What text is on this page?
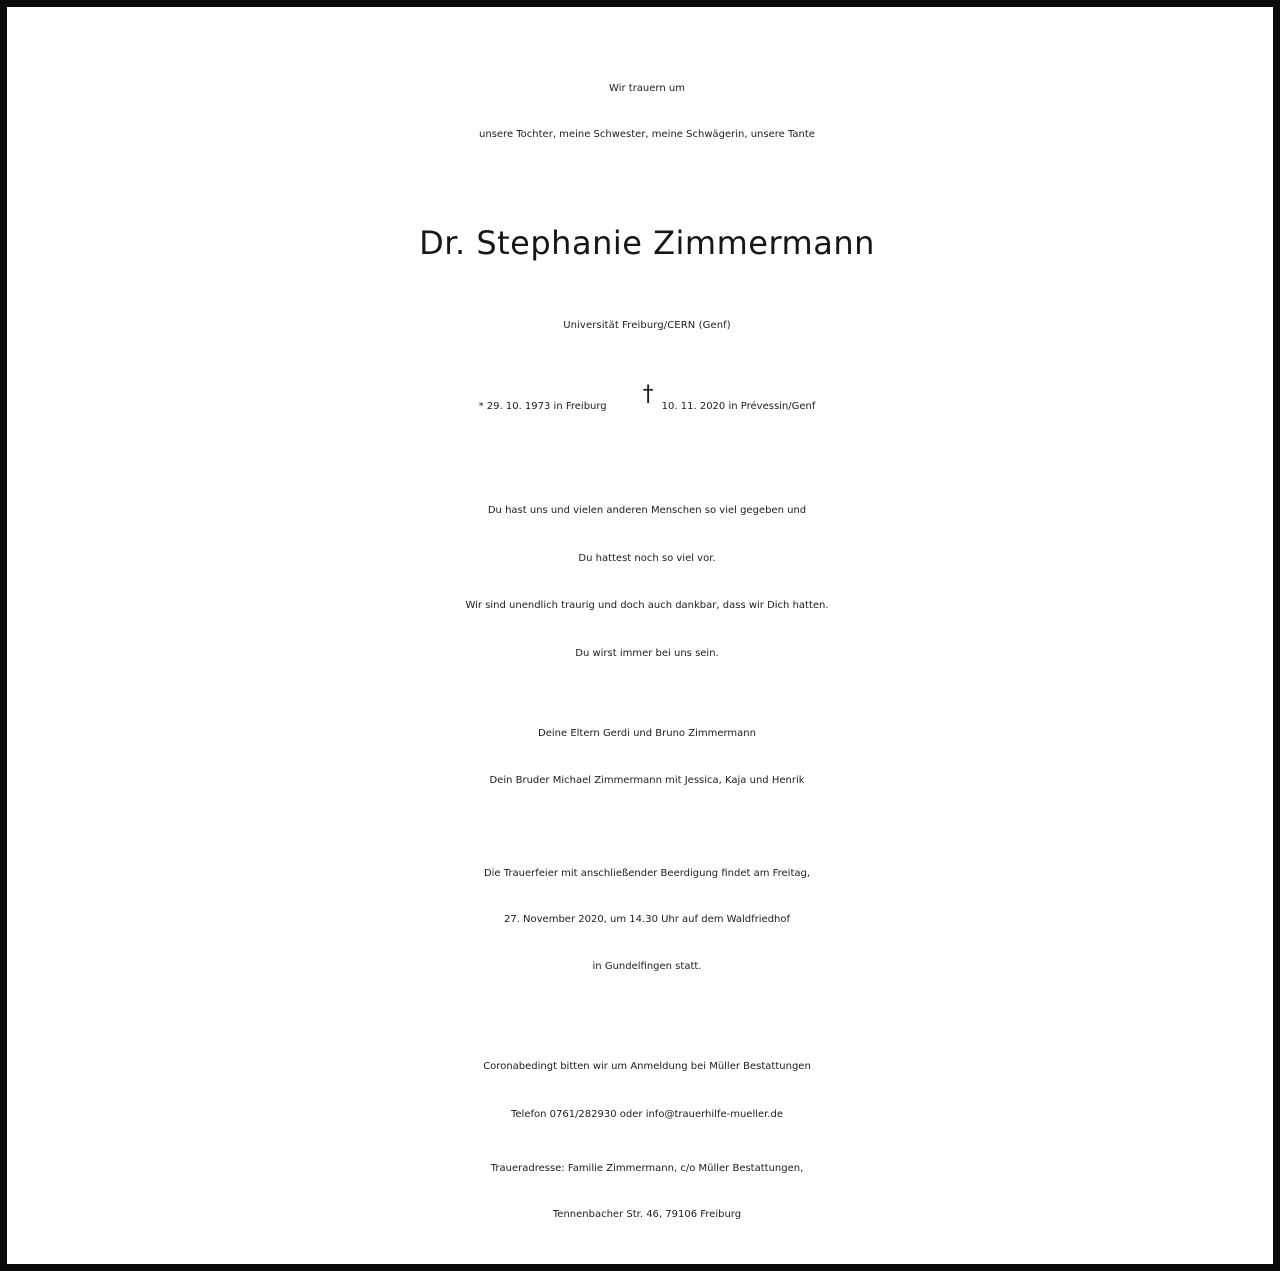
Wir trauern um
unsere Tochter, meine Schwester, meine Schwägerin, unsere Tante
Dr. Stephanie Zimmermann
Universität Freiburg/CERN (Genf)
* 29. 10. 1973 in Freiburg † 10. 11. 2020 in Prévessin/Genf
Du hast uns und vielen anderen Menschen so viel gegeben und
Du hattest noch so viel vor.
Wir sind unendlich traurig und doch auch dankbar, dass wir Dich hatten.
Du wirst immer bei uns sein.
Deine Eltern Gerdi und Bruno Zimmermann
Dein Bruder Michael Zimmermann mit Jessica, Kaja und Henrik
Die Trauerfeier mit anschließender Beerdigung findet am Freitag,
27. November 2020, um 14.30 Uhr auf dem Waldfriedhof
in Gundelfingen statt.
Coronabedingt bitten wir um Anmeldung bei Müller Bestattungen
Telefon 0761/282930 oder info@trauerhilfe-mueller.de
Traueradresse: Familie Zimmermann, c/o Müller Bestattungen,
Tennenbacher Str. 46, 79106 Freiburg
